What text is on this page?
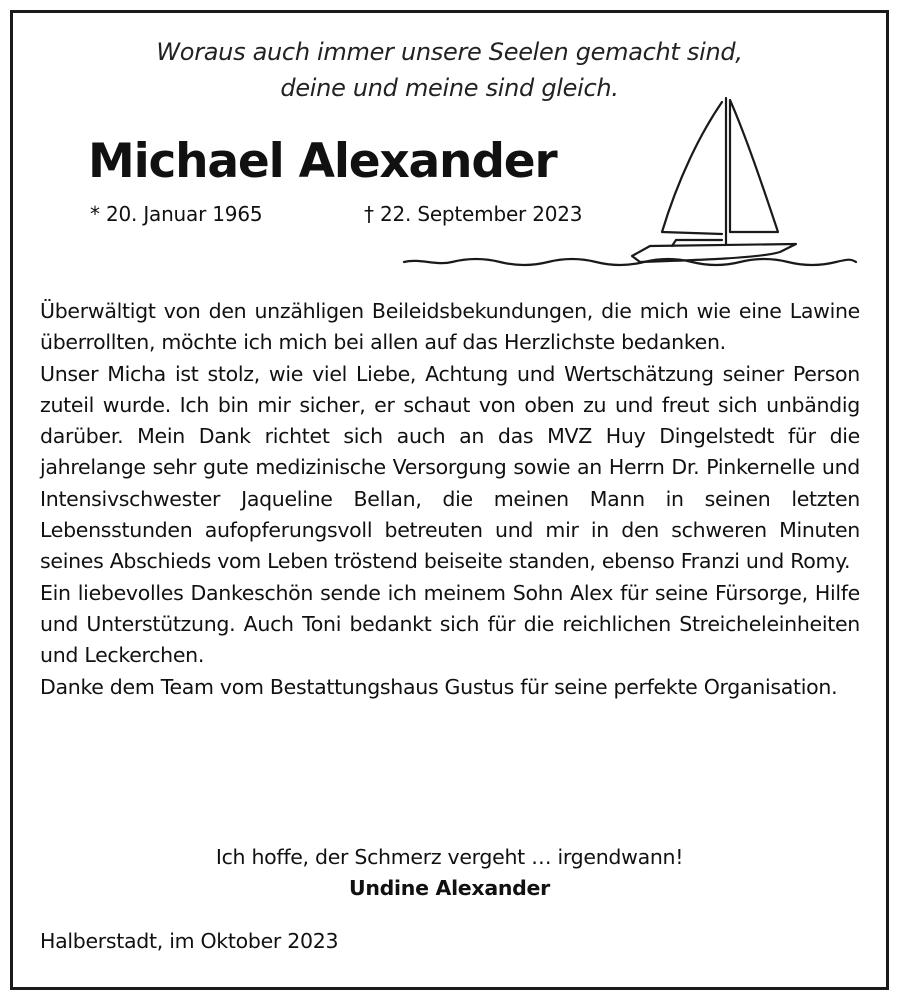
Woraus auch immer unsere Seelen gemacht sind,
deine und meine sind gleich.
Michael Alexander
* 20. Januar 1965	† 22. September 2023

Überwältigt von den unzähligen Beileidsbekundungen, die mich wie eine Lawine überrollten, möchte ich mich bei allen auf das Herzlichste bedanken.

Unser Micha ist stolz, wie viel Liebe, Achtung und Wertschätzung seiner Person zuteil wurde. Ich bin mir sicher, er schaut von oben zu und freut sich unbändig darüber. Mein Dank richtet sich auch an das MVZ Huy Dingelstedt für die jahrelange sehr gute medizinische Versorgung sowie an Herrn Dr. Pinkernelle und Intensivschwester Jaqueline Bellan, die meinen Mann in seinen letzten Lebensstunden aufopferungsvoll betreuten und mir in den schweren Minuten seines Abschieds vom Leben tröstend beiseite standen, ebenso Franzi und Romy.

Ein liebevolles Dankeschön sende ich meinem Sohn Alex für seine Fürsorge, Hilfe und Unterstützung. Auch Toni bedankt sich für die reichlichen Streicheleinheiten und Leckerchen.

Danke dem Team vom Bestattungshaus Gustus für seine perfekte Organisation.

Ich hoffe, der Schmerz vergeht … irgendwann!
Undine Alexander
Halberstadt, im Oktober 2023
